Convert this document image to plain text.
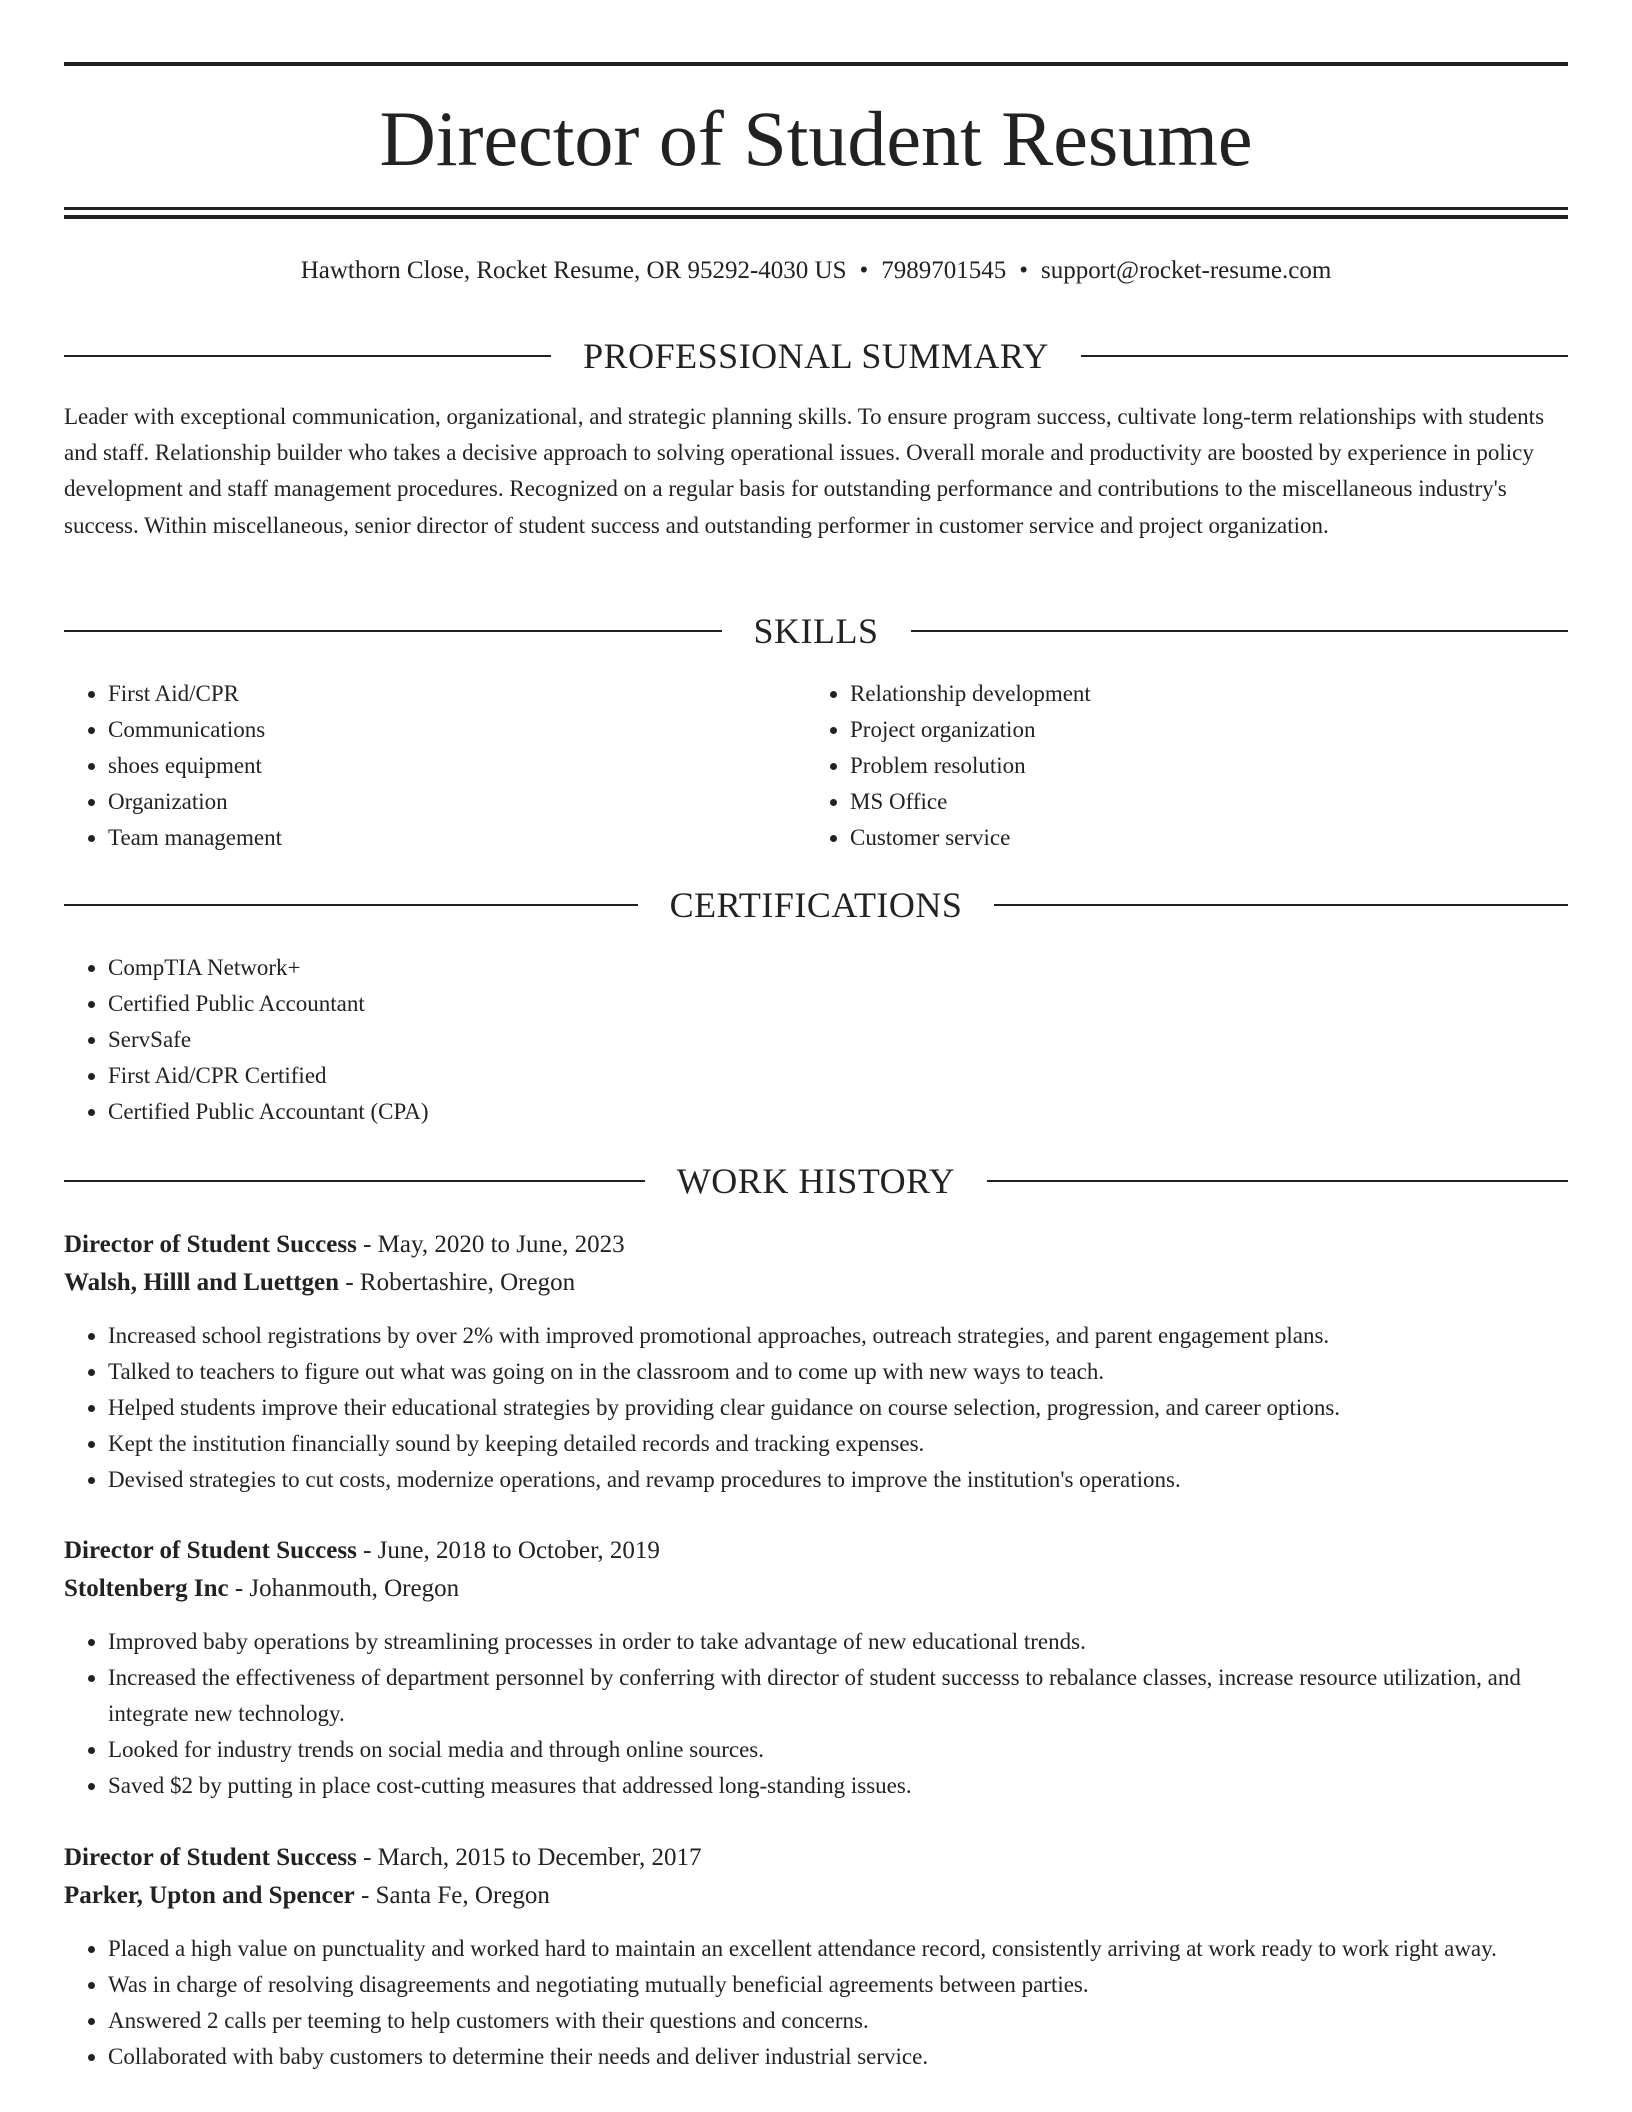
Director of Student Resume
Hawthorn Close, Rocket Resume, OR 95292-4030 US • 7989701545 • support@rocket-resume.com
PROFESSIONAL SUMMARY

Leader with exceptional communication, organizational, and strategic planning skills. To ensure program success, cultivate long-term relationships with students and staff. Relationship builder who takes a decisive approach to solving operational issues. Overall morale and productivity are boosted by experience in policy development and staff management procedures. Recognized on a regular basis for outstanding performance and contributions to the miscellaneous industry's success. Within miscellaneous, senior director of student success and outstanding performer in customer service and project organization.

SKILLS
• First Aid/CPR
• Communications
• shoes equipment
• Organization
• Team management
• Relationship development
• Project organization
• Problem resolution
• MS Office
• Customer service
CERTIFICATIONS
• CompTIA Network+
• Certified Public Accountant
• ServSafe
• First Aid/CPR Certified
• Certified Public Accountant (CPA)
WORK HISTORY
Director of Student Success - May, 2020 to June, 2023
Walsh, Hilll and Luettgen - Robertashire, Oregon
• Increased school registrations by over 2% with improved promotional approaches, outreach strategies, and parent engagement plans.
• Talked to teachers to figure out what was going on in the classroom and to come up with new ways to teach.
• Helped students improve their educational strategies by providing clear guidance on course selection, progression, and career options.
• Kept the institution financially sound by keeping detailed records and tracking expenses.
• Devised strategies to cut costs, modernize operations, and revamp procedures to improve the institution's operations.
Director of Student Success - June, 2018 to October, 2019
Stoltenberg Inc - Johanmouth, Oregon
• Improved baby operations by streamlining processes in order to take advantage of new educational trends.
• Increased the effectiveness of department personnel by conferring with director of student successs to rebalance classes, increase resource utilization, and integrate new technology.
• Looked for industry trends on social media and through online sources.
• Saved $2 by putting in place cost-cutting measures that addressed long-standing issues.
Director of Student Success - March, 2015 to December, 2017
Parker, Upton and Spencer - Santa Fe, Oregon
• Placed a high value on punctuality and worked hard to maintain an excellent attendance record, consistently arriving at work ready to work right away.
• Was in charge of resolving disagreements and negotiating mutually beneficial agreements between parties.
• Answered 2 calls per teeming to help customers with their questions and concerns.
• Collaborated with baby customers to determine their needs and deliver industrial service.
